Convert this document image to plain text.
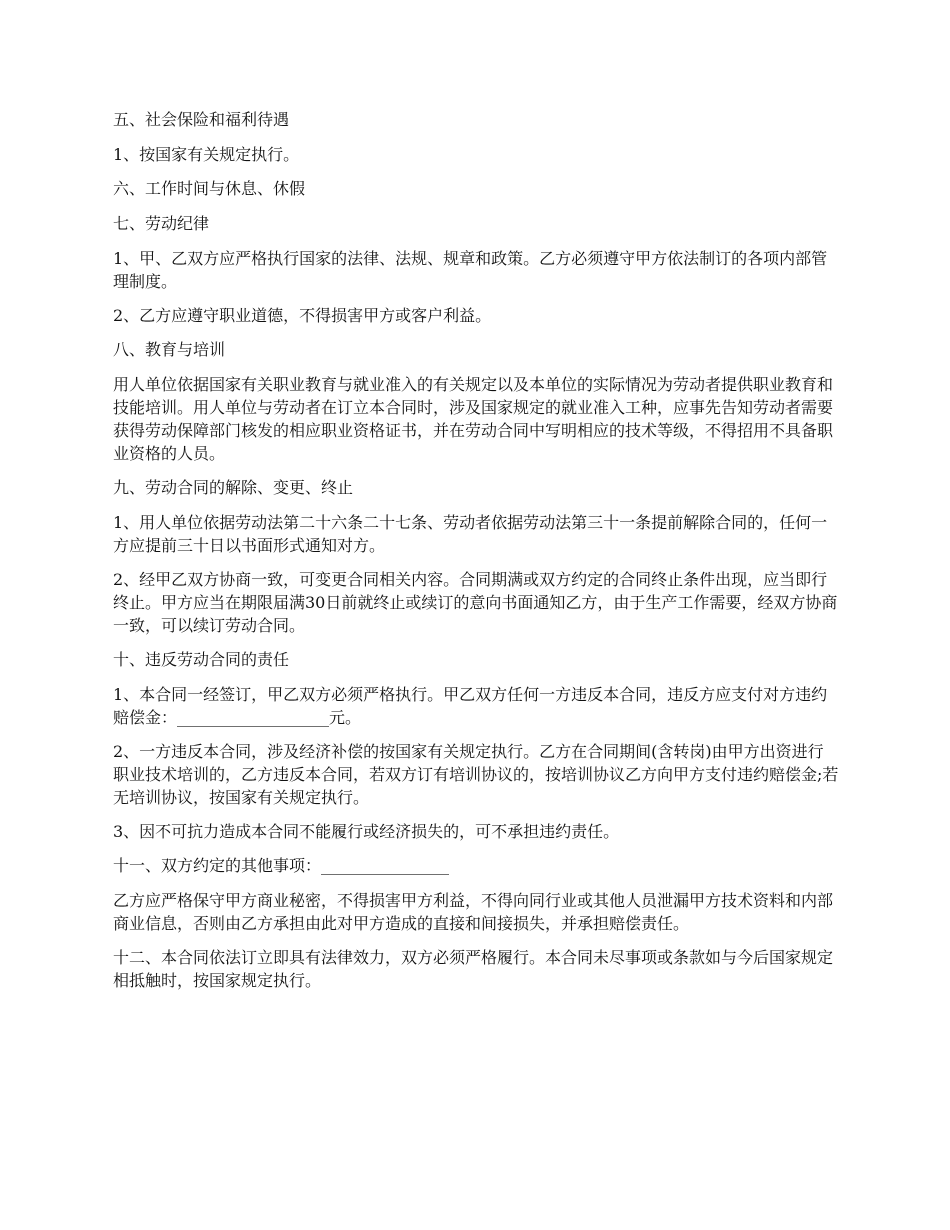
五、社会保险和福利待遇

1、按国家有关规定执行。

六、工作时间与休息、休假

七、劳动纪律

1、甲、乙双方应严格执行国家的法律、法规、规章和政策。乙方必须遵守甲方依法制订的各项内部管理制度。

2、乙方应遵守职业道德，不得损害甲方或客户利益。

八、教育与培训

用人单位依据国家有关职业教育与就业准入的有关规定以及本单位的实际情况为劳动者提供职业教育和技能培训。用人单位与劳动者在订立本合同时，涉及国家规定的就业准入工种，应事先告知劳动者需要获得劳动保障部门核发的相应职业资格证书，并在劳动合同中写明相应的技术等级，不得招用不具备职业资格的人员。

九、劳动合同的解除、变更、终止

1、用人单位依据劳动法第二十六条二十七条、劳动者依据劳动法第三十一条提前解除合同的，任何一方应提前三十日以书面形式通知对方。

2、经甲乙双方协商一致，可变更合同相关内容。合同期满或双方约定的合同终止条件出现，应当即行终止。甲方应当在期限届满30日前就终止或续订的意向书面通知乙方，由于生产工作需要，经双方协商一致，可以续订劳动合同。

十、违反劳动合同的责任

1、本合同一经签订，甲乙双方必须严格执行。甲乙双方任何一方违反本合同，违反方应支付对方违约赔偿金：___________________元。

2、一方违反本合同，涉及经济补偿的按国家有关规定执行。乙方在合同期间(含转岗)由甲方出资进行职业技术培训的，乙方违反本合同，若双方订有培训协议的，按培训协议乙方向甲方支付违约赔偿金;若无培训协议，按国家有关规定执行。

3、因不可抗力造成本合同不能履行或经济损失的，可不承担违约责任。

十一、双方约定的其他事项：________________

乙方应严格保守甲方商业秘密，不得损害甲方利益，不得向同行业或其他人员泄漏甲方技术资料和内部商业信息，否则由乙方承担由此对甲方造成的直接和间接损失，并承担赔偿责任。

十二、本合同依法订立即具有法律效力，双方必须严格履行。本合同未尽事项或条款如与今后国家规定相抵触时，按国家规定执行。
